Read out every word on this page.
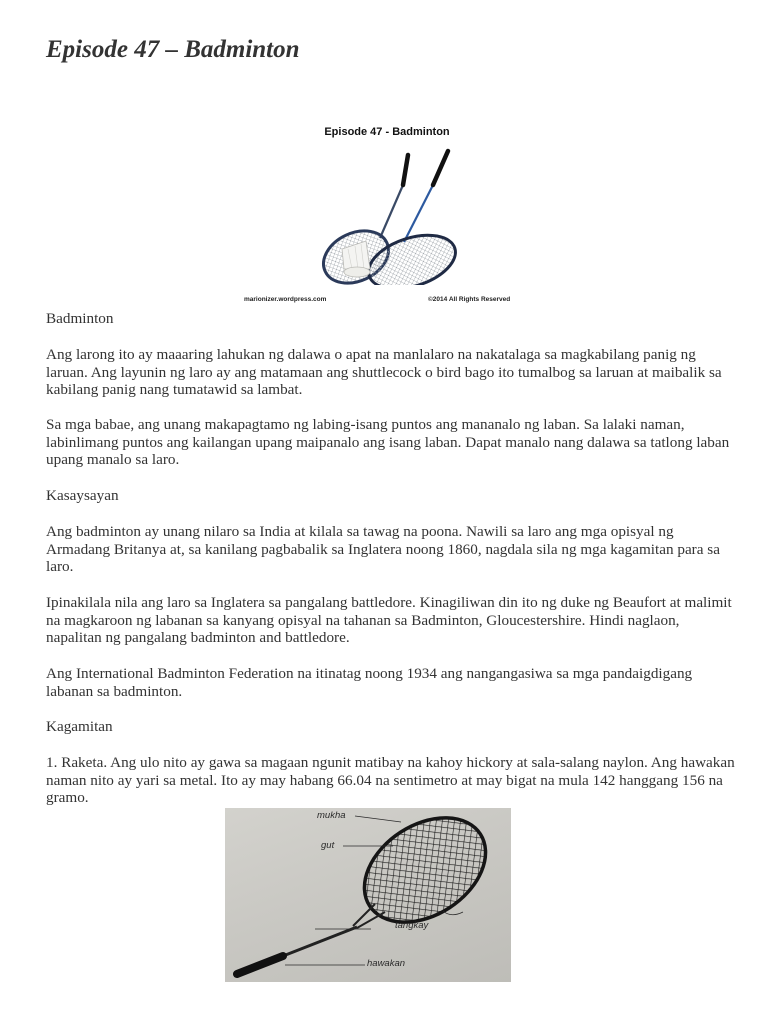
Episode 47 – Badminton
Episode 47 - Badminton
marionizer.wordpress.com	©2014 All Rights Reserved

Badminton

Ang larong ito ay maaaring lahukan ng dalawa o apat na manlalaro na nakatalaga sa magkabilang panig ng laruan. Ang layunin ng laro ay ang matamaan ang shuttlecock o bird bago ito tumalbog sa laruan at maibalik sa kabilang panig nang tumatawid sa lambat.

Sa mga babae, ang unang makapagtamo ng labing-isang puntos ang mananalo ng laban. Sa lalaki naman, labinlimang puntos ang kailangan upang maipanalo ang isang laban. Dapat manalo nang dalawa sa tatlong laban upang manalo sa laro.

Kasaysayan

Ang badminton ay unang nilaro sa India at kilala sa tawag na poona. Nawili sa laro ang mga opisyal ng Armadang Britanya at, sa kanilang pagbabalik sa Inglatera noong 1860, nagdala sila ng mga kagamitan para sa laro.

Ipinakilala nila ang laro sa Inglatera sa pangalang battledore. Kinagiliwan din ito ng duke ng Beaufort at malimit na magkaroon ng labanan sa kanyang opisyal na tahanan sa Badminton, Gloucestershire. Hindi naglaon, napalitan ng pangalang badminton and battledore.

Ang International Badminton Federation na itinatag noong 1934 ang nangangasiwa sa mga pandaigdigang labanan sa badminton.

Kagamitan

1. Raketa. Ang ulo nito ay gawa sa magaan ngunit matibay na kahoy hickory at sala-salang naylon. Ang hawakan naman nito ay yari sa metal. Ito ay may habang 66.04 na sentimetro at may bigat na mula 142 hanggang 156 na gramo.

mukha
gut
tangkay
hawakan
